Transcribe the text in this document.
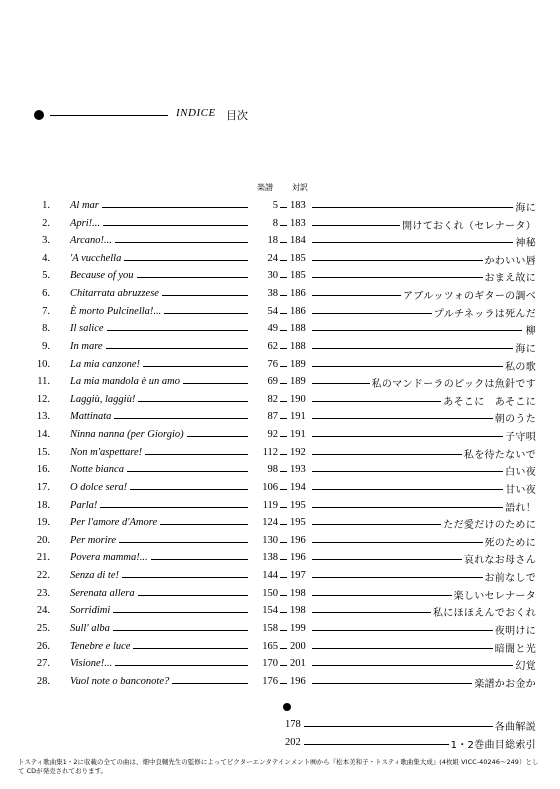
INDICE 目次
楽譜 対訳
1. Al mar	5 183	海に
2. Apri!...	8 183	開けておくれ（セレナータ）
3. Arcano!...	18 184	神秘
4. 'A vucchella	24 185	かわいい唇
5. Because of you	30 185	おまえ故に
6. Chitarrata abruzzese	38 186	アブルッツォのギターの調べ
7. È morto Pulcinella!...	54 186	プルチネッラは死んだ
8. Il salice	49 188	柳
9. In mare	62 188	海に
10. La mia canzone!	76 189	私の歌
11. La mia mandola è un amo	69 189	私のマンドーラのピックは魚針です
12. Laggiù, laggiù!	82 190	あそこに　あそこに
13. Mattinata	87 191	朝のうた
14. Ninna nanna (per Giorgio)	92 191	子守唄
15. Non m'aspettare!	112 192	私を待たないで
16. Notte bianca	98 193	白い夜
17. O dolce sera!	106 194	甘い夜
18. Parla!	119 195	語れ！
19. Per l'amore d'Amore	124 195	ただ愛だけのために
20. Per morire	130 196	死のために
21. Povera mamma!...	138 196	哀れなお母さん
22. Senza di te!	144 197	お前なしで
23. Serenata allera	150 198	楽しいセレナータ
24. Sorridimi	154 198	私にほほえんでおくれ
25. Sull' alba	158 199	夜明けに
26. Tenebre e luce	165 200	暗闇と光
27. Visione!...	170 201	幻覚
28. Vuol note o banconote?	176 196	楽譜かお金か
178	各曲解説
202	1・2巻曲目総索引
トスティ歌曲集1・2に収載の全ての曲は、畑中良輔先生の監修によってビクターエンタテインメント㈱から『松本美和子・トスティ歌曲集大成』(4枚組 VICC-40246〜249）として CDが発売されております。
